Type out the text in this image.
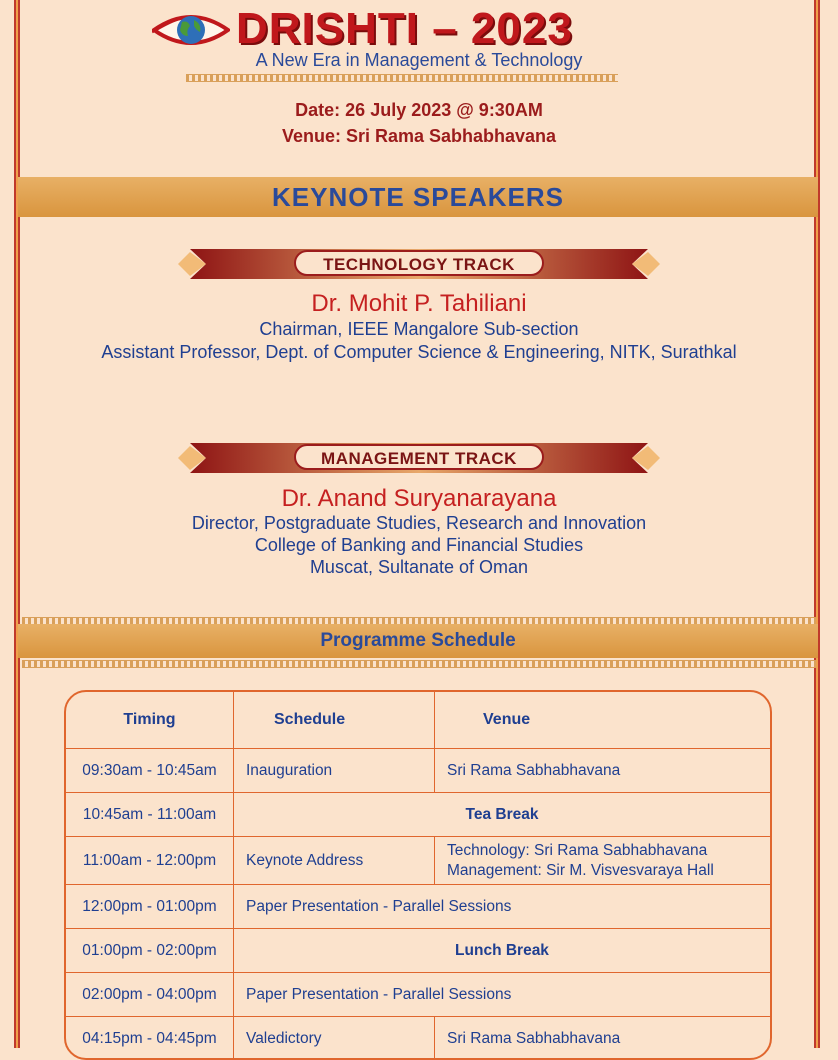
DRISHTI – 2023
A New Era in Management & Technology
Date: 26 July 2023 @ 9:30AM
Venue: Sri Rama Sabhabhavana
KEYNOTE SPEAKERS
TECHNOLOGY TRACK
Dr. Mohit P. Tahiliani
Chairman, IEEE Mangalore Sub-section
Assistant Professor, Dept. of Computer Science & Engineering, NITK, Surathkal
MANAGEMENT TRACK
Dr. Anand Suryanarayana
Director, Postgraduate Studies, Research and Innovation
College of Banking and Financial Studies
Muscat, Sultanate of Oman
Programme Schedule
Timing	Schedule	Venue
09:30am - 10:45am	Inauguration	Sri Rama Sabhabhavana
10:45am - 11:00am	Tea Break	
11:00am - 12:00pm	Keynote Address	Technology: Sri Rama Sabhabhavana
Management: Sir M. Visvesvaraya Hall

12:00pm - 01:00pm	Paper Presentation - Parallel Sessions	
01:00pm - 02:00pm	Lunch Break	
02:00pm - 04:00pm	Paper Presentation - Parallel Sessions	
04:15pm - 04:45pm	Valedictory	Sri Rama Sabhabhavana
